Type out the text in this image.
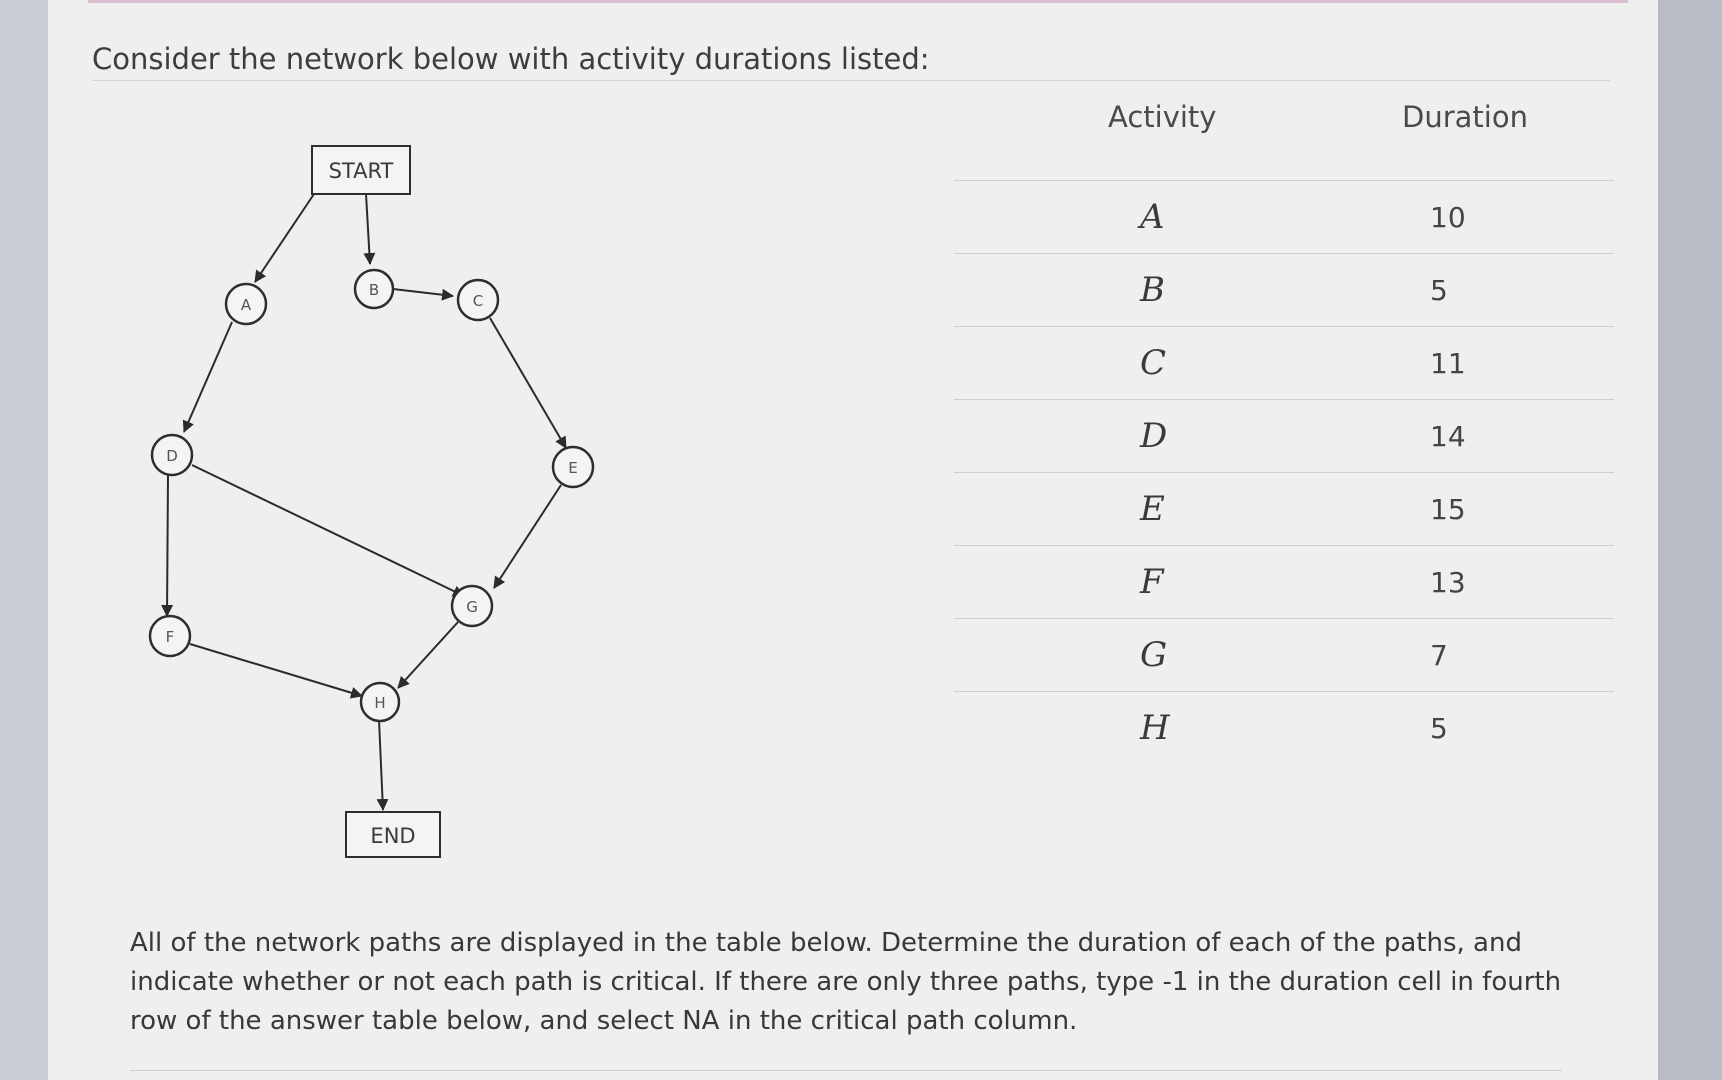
Consider the network below with activity durations listed:
START
END
A
B
C
D
E
F
G
H
Activity	Duration
A	10
B	5
C	11
D	14
E	15
F	13
G	7
H	5

All of the network paths are displayed in the table below. Determine the duration of each of the paths, and indicate whether or not each path is critical. If there are only three paths, type -1 in the duration cell in fourth row of the answer table below, and select NA in the critical path column.
